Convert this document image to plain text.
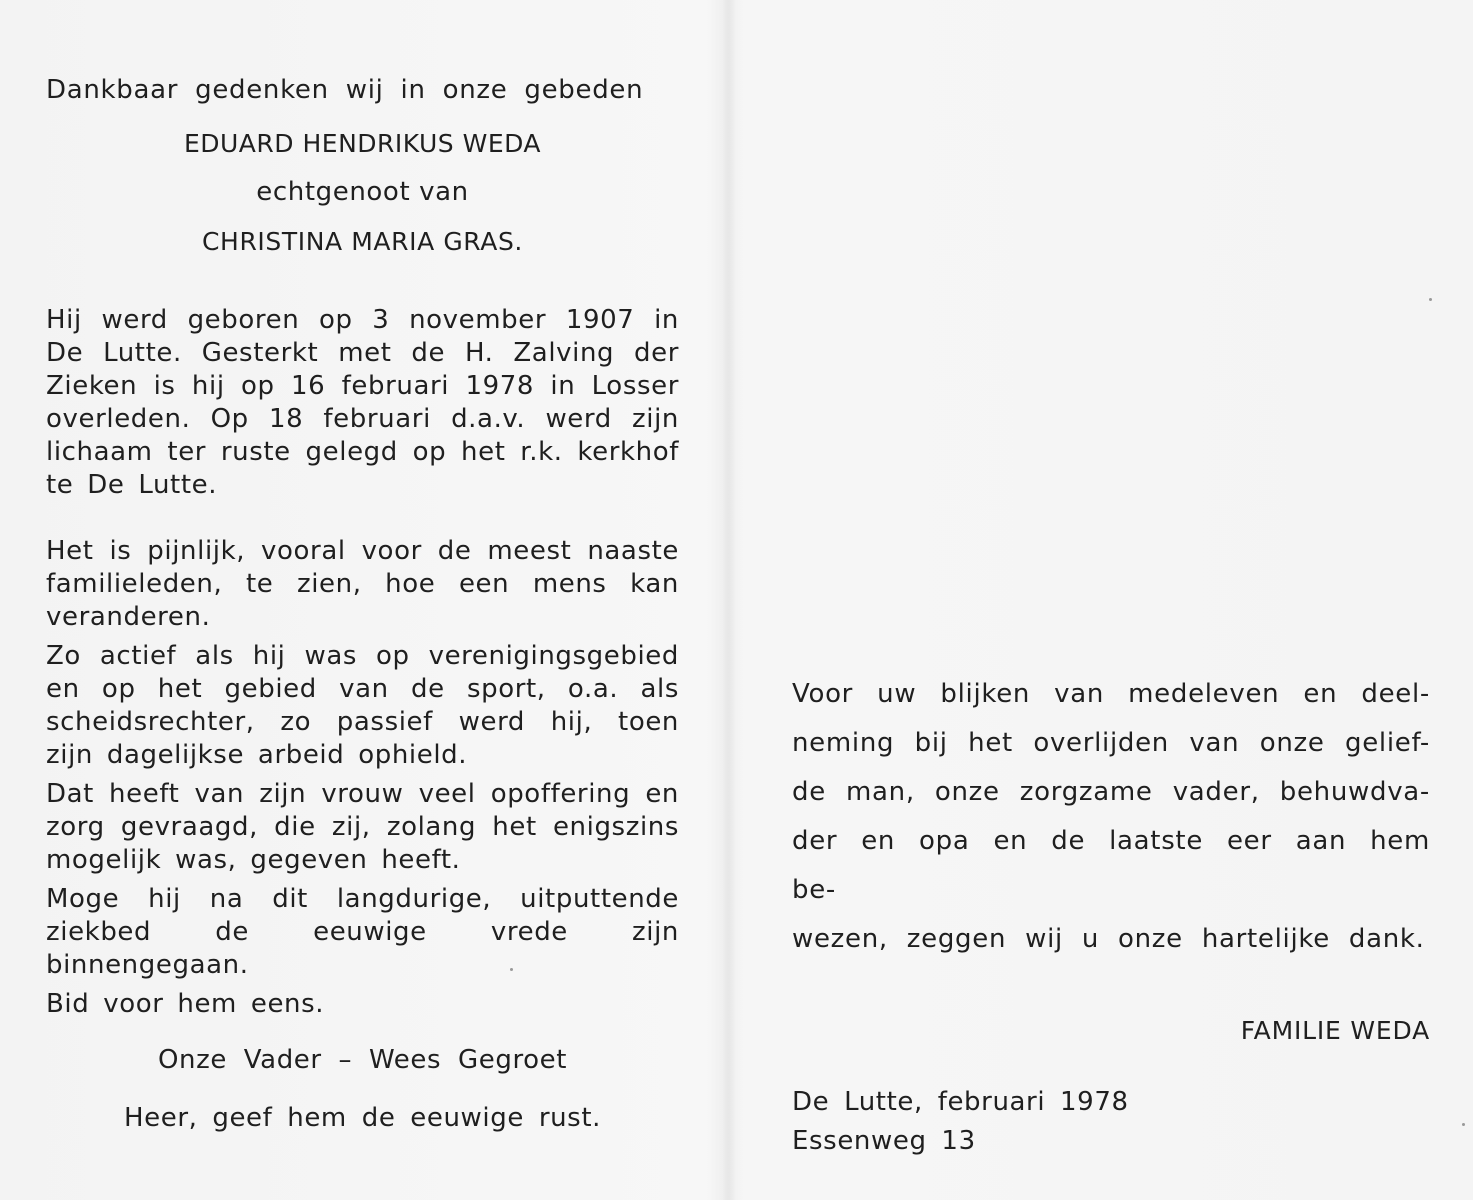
Dankbaar gedenken wij in onze gebeden
EDUARD HENDRIKUS WEDA
echtgenoot van
CHRISTINA MARIA GRAS.

Hij werd geboren op 3 november 1907 in De Lutte. Gesterkt met de H. Zalving der Zieken is hij op 16 februari 1978 in Losser overleden. Op 18 februari d.a.v. werd zijn lichaam ter ruste gelegd op het r.k. kerkhof te De Lutte.

Het is pijnlijk, vooral voor de meest naaste familieleden, te zien, hoe een mens kan veranderen.

Zo actief als hij was op verenigingsgebied en op het gebied van de sport, o.a. als scheidsrechter, zo passief werd hij, toen zijn dagelijkse arbeid ophield.

Dat heeft van zijn vrouw veel opoffering en zorg gevraagd, die zij, zolang het enigszins mogelijk was, gegeven heeft.

Moge hij na dit langdurige, uitputtende ziekbed de eeuwige vrede zijn binnengegaan.

Bid voor hem eens.
Onze Vader – Wees Gegroet
Heer, geef hem de eeuwige rust.

Voor uw blijken van medeleven en deel-

neming bij het overlijden van onze gelief-

de man, onze zorgzame vader, behuwdva-

der en opa en de laatste eer aan hem be-

wezen, zeggen wij u onze hartelijke dank.

FAMILIE WEDA
De Lutte, februari 1978
Essenweg 13
